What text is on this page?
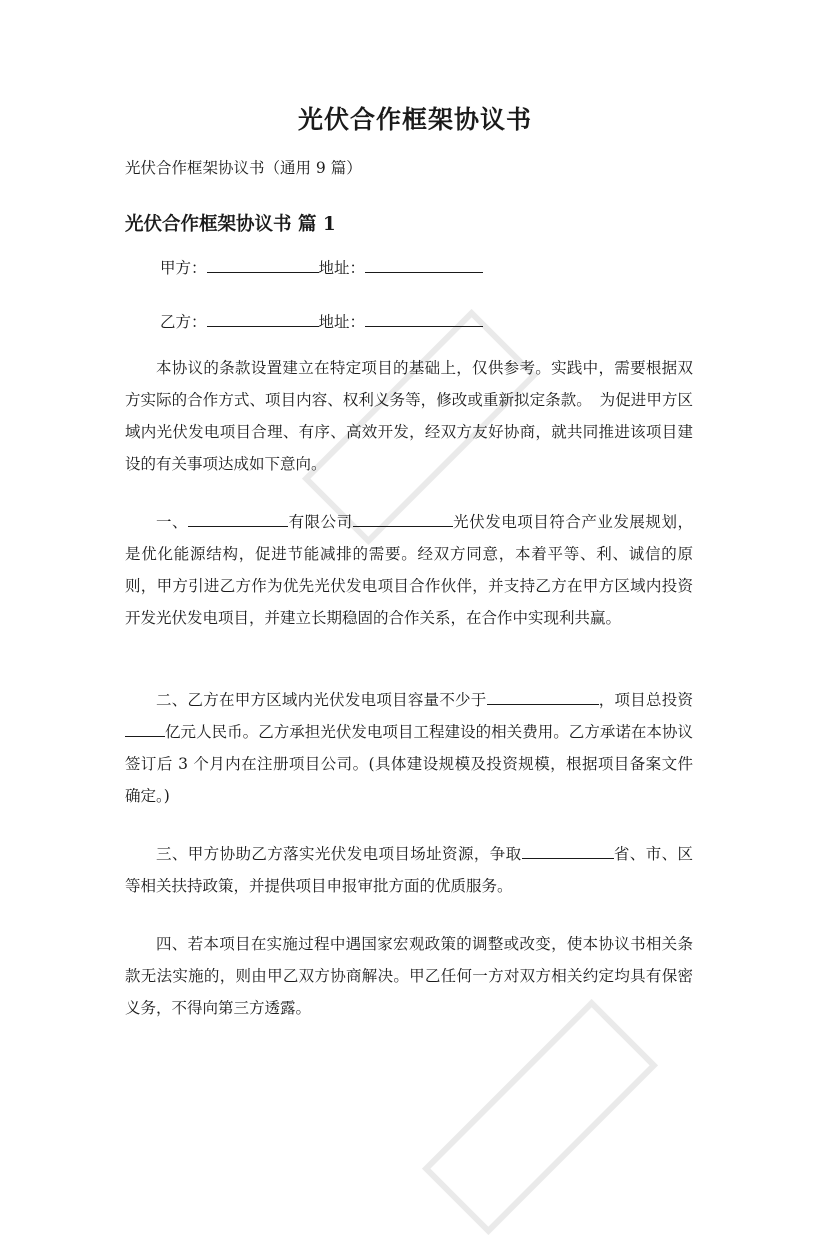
光伏合作框架协议书

光伏合作框架协议书（通用 9 篇）

光伏合作框架协议书 篇 1

甲方：	地址：

乙方：	地址：

本协议的条款设置建立在特定项目的基础上，仅供参考。实践中，需要根据双方实际的合作方式、项目内容、权利义务等，修改或重新拟定条款。　为促进甲方区域内光伏发电项目合理、有序、高效开发，经双方友好协商，就共同推进该项目建设的有关事项达成如下意向。

一、	有限公司	光伏发电项目符合产业发展规划，是优化能源结构，促进节能减排的需要。经双方同意，本着平等、利、诚信的原则，甲方引进乙方作为优先光伏发电项目合作伙伴，并支持乙方在甲方区域内投资开发光伏发电项目，并建立长期稳固的合作关系，在合作中实现利共赢。

二、乙方在甲方区域内光伏发电项目容量不少于	，项目总投资亿元人民币。乙方承担光伏发电项目工程建设的相关费用。乙方承诺在本协议签订后 3 个月内在注册项目公司。(具体建设规模及投资规模，根据项目备案文件确定。)

三、甲方协助乙方落实光伏发电项目场址资源，争取	省、市、区等相关扶持政策，并提供项目申报审批方面的优质服务。

四、若本项目在实施过程中遇国家宏观政策的调整或改变，使本协议书相关条款无法实施的，则由甲乙双方协商解决。甲乙任何一方对双方相关约定均具有保密义务，不得向第三方透露。
